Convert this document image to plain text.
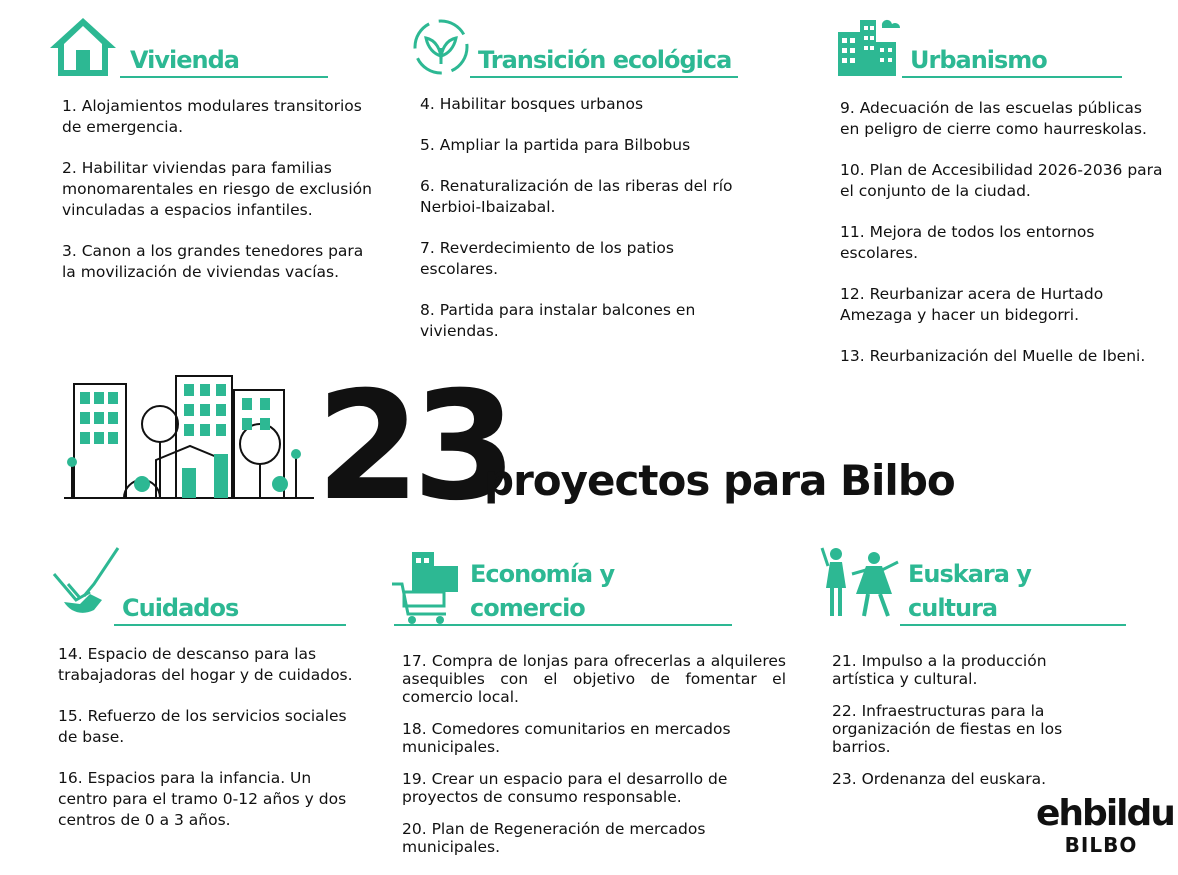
Vivienda

1. Alojamientos modulares transitorios de emergencia.

2. Habilitar viviendas para familias monomarentales en riesgo de exclusión vinculadas a espacios infantiles.

3. Canon a los grandes tenedores para la movilización de viviendas vacías.

Transición ecológica

4. Habilitar bosques urbanos

5. Ampliar la partida para Bilbobus

6. Renaturalización de las riberas del río Nerbioi-Ibaizabal.

7. Reverdecimiento de los patios escolares.

8. Partida para instalar balcones en viviendas.

Urbanismo

9. Adecuación de las escuelas públicas en peligro de cierre como haurreskolas.

10. Plan de Accesibilidad 2026-2036 para el conjunto de la ciudad.

11. Mejora de todos los entornos escolares.

12. Reurbanizar acera de Hurtado Amezaga y hacer un bidegorri.

13. Reurbanización del Muelle de Ibeni.

23
proyectos para Bilbo
Cuidados

14. Espacio de descanso para las trabajadoras del hogar y de cuidados.

15. Refuerzo de los servicios sociales de base.

16. Espacios para la infancia. Un centro para el tramo 0-12 años y dos centros de 0 a 3 años.

Economía y
comercio

17. Compra de lonjas para ofrecerlas a alquileres asequibles con el objetivo de fomentar el comercio local.

18. Comedores comunitarios en mercados municipales.

19. Crear un espacio para el desarrollo de proyectos de consumo responsable.

20. Plan de Regeneración de mercados municipales.

Euskara y
cultura

21. Impulso a la producción artística y cultural.

22. Infraestructuras para la organización de fiestas en los barrios.

23. Ordenanza del euskara.

ehbildu
BILBO
